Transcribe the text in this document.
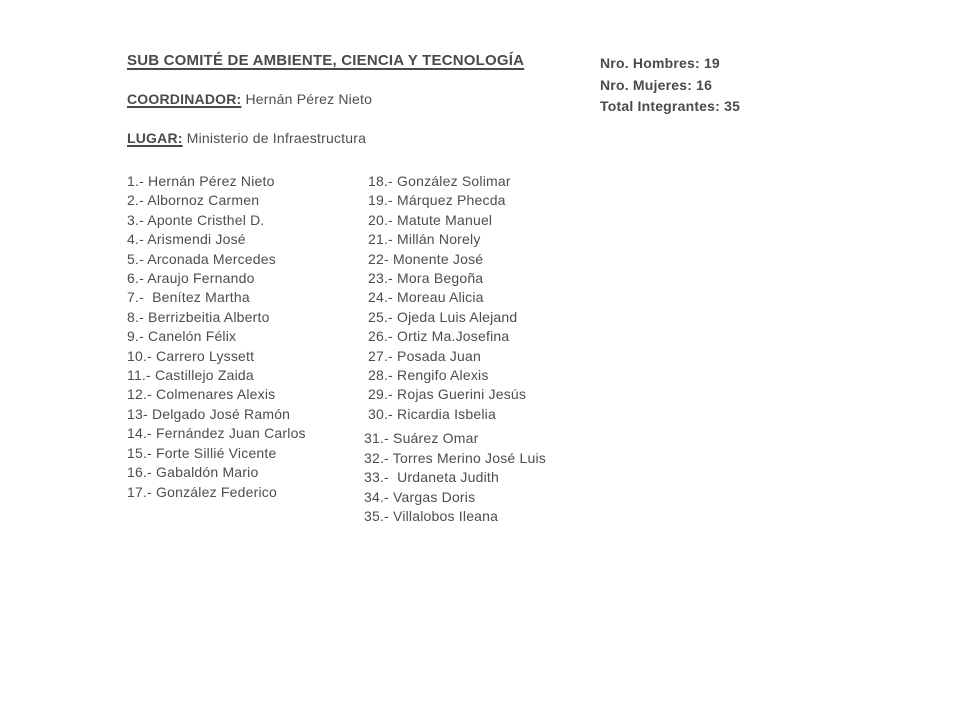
SUB COMITÉ DE AMBIENTE, CIENCIA Y TECNOLOGÍA	Nro. Hombres: 19
Nro. Mujeres: 16
Total Integrantes: 35
COORDINADOR: Hernán Pérez Nieto
LUGAR: Ministerio de Infraestructura
1.- Hernán Pérez Nieto
2.- Albornoz Carmen
3.- Aponte Cristhel D.
4.- Arismendi José
5.- Arconada Mercedes
6.- Araujo Fernando
7.-  Benítez Martha
8.- Berrizbeitia Alberto
9.- Canelón Félix
10.- Carrero Lyssett
11.- Castillejo Zaida
12.- Colmenares Alexis
13- Delgado José Ramón
14.- Fernández Juan Carlos
15.- Forte Sillié Vicente
16.- Gabaldón Mario
17.- González Federico
18.- González Solimar
19.- Márquez Phecda
20.- Matute Manuel
21.- Millán Norely
22- Monente José
23.- Mora Begoña
24.- Moreau Alicia
25.- Ojeda Luis Alejand
26.- Ortiz Ma.Josefina
27.- Posada Juan
28.- Rengifo Alexis
29.- Rojas Guerini Jesús
30.- Ricardia Isbelia
31.- Suárez Omar
32.- Torres Merino José Luis
33.-  Urdaneta Judith
34.- Vargas Doris
35.- Villalobos Ileana
